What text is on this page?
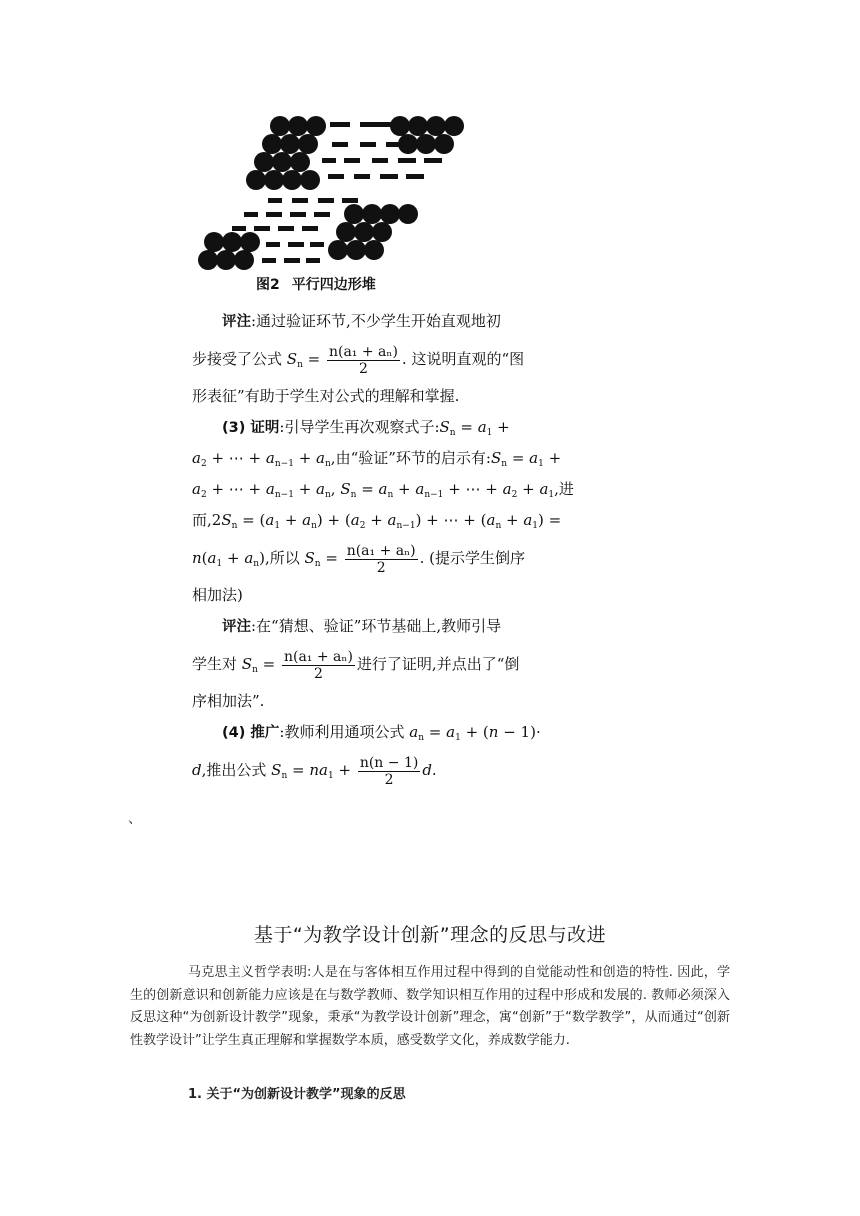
图2 平行四边形堆
评注:通过验证环节,不少学生开始直观地初
步接受了公式 $S_n = \frac{\text{n(a₁ + aₙ)}}{2}$ . 这说明直观的“图
形表征”有助于学生对公式的理解和掌握.
(3) 证明:引导学生再次观察式子$:S_n = a_1$ +
$a_2$ + ⋯ + $a_{n-1} + a_n$,由“验证”环节的启示有$:S_n = a_1$ +
$a_2$ + ⋯ + $a_{n-1} + a_n$, $S_n = a_n + a_{n-1}$ + ⋯ + $a_2 + a_1$,进
而$,2S_n = (a_1 + a_n) + (a_2 + a_{n-1})$ + ⋯ + $(a_n + a_1)$ =
$n(a_1 + a_n)$,所以 $S_n = \frac{\text{n(a₁ + aₙ)}}{2}$ . (提示学生倒序
相加法)
评注:在“猜想、验证”环节基础上,教师引导
学生对 $S_n = \frac{\text{n(a₁ + aₙ)}}{2}$ 进行了证明,并点出了“倒
序相加法”.
(4) 推广:教师利用通项公式 $a_n = a_1 + (n - 1)\cdot$
d,推出公式 $S_n = na_1 + \frac{n(n - 1)}{2} d$.
、
基于“为教学设计创新”理念的反思与改进
马克思主义哲学表明:人是在与客体相互作用过程中得到的自觉能动性和创造的特性. 因此，学生的创新意识和创新能力应该是在与数学教师、数学知识相互作用的过程中形成和发展的. 教师必须深入反思这种“为创新设计教学”现象，秉承“为教学设计创新”理念，寓“创新”于“数学教学”，从而通过“创新性教学设计”让学生真正理解和掌握数学本质，感受数学文化，养成数学能力.
1. 关于“为创新设计教学”现象的反思
